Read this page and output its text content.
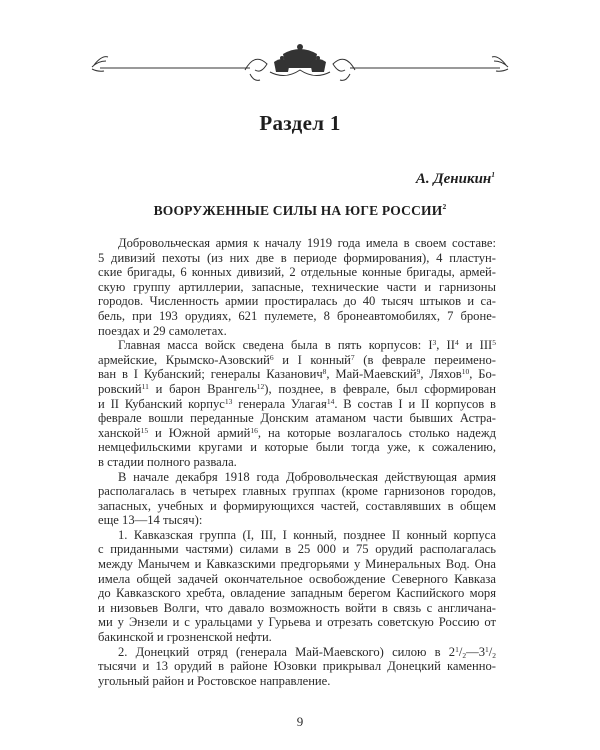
Раздел 1
А. Деникин$^1$
ВООРУЖЕННЫЕ СИЛЫ НА ЮГЕ РОССИИ$^2$
Добровольческая армия к началу 1919 года имела в своем составе:
5 дивизий пехоты (из них две в периоде формирования), 4 пластун-
ские бригады, 6 конных дивизий, 2 отдельные конные бригады, армей-
скую группу артиллерии, запасные, технические части и гарнизоны
городов. Численность армии простиралась до 40 тысяч штыков и са-
бель, при 193 орудиях, 621 пулемете, 8 бронеавтомобилях, 7 броне-
поездах и 29 самолетах.
Главная масса войск сведена была в пять корпусов: $I^3$, $II^4$ и III$^5$
армейские, Крымско-Азовский$^6$ и I конный$^7$ (в феврале переимено-
ван в I Кубанский; генералы Казанович$^8$, Май-Маевский$^9$, Ляхов$^{10}$, Бо-
ровский$^{11}$ и барон Врангель$^{12}$), позднее, в феврале, был сформирован
и II Кубанский корпус$^{13}$ генерала Улагая$^{14}$. В состав I и II корпусов в
феврале вошли переданные Донским атаманом части бывших Астра-
ханской$^{15}$ и Южной армий$^{16}$, на которые возлагалось столько надежд
немцефильскими кругами и которые были тогда уже, к сожалению,
в стадии полного развала.
В начале декабря 1918 года Добровольческая действующая армия
располагалась в четырех главных группах (кроме гарнизонов городов,
запасных, учебных и формирующихся частей, составлявших в общем
еще 13—14 тысяч):
1. Кавказская группа (I, III, I конный, позднее II конный корпуса
с приданными частями) силами в 25 000 и 75 орудий располагалась
между Манычем и Кавказскими предгорьями у Минеральных Вод. Она
имела общей задачей окончательное освобождение Северного Кавказа
до Кавказского хребта, овладение западным берегом Каспийского моря
и низовьев Волги, что давало возможность войти в связь с англичана-
ми у Энзели и с уральцами у Гурьева и отрезать советскую Россию от
бакинской и грозненской нефти.
2. Донецкий отряд (генерала Май-Маевского) силою в $2^1/_2—3^1/_2$
тысячи и 13 орудий в районе Юзовки прикрывал Донецкий каменно-
угольный район и Ростовское направление.
9
